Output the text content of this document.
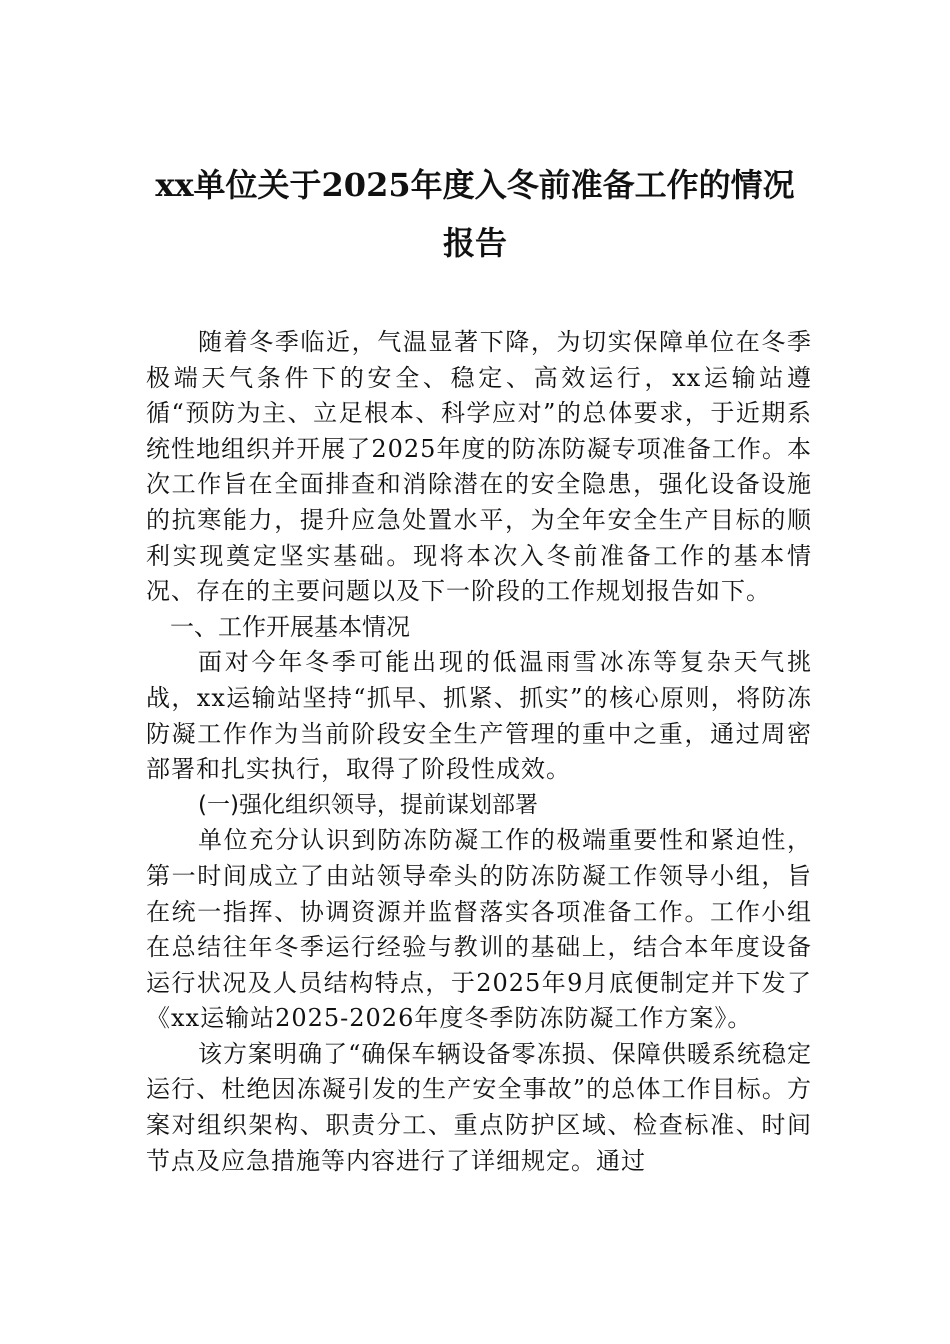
xx单位关于2025年度入冬前准备工作的情况报告

随着冬季临近，气温显著下降，为切实保障单位在冬季极端天气条件下的安全、稳定、高效运行，xx运输站遵循“预防为主、立足根本、科学应对”的总体要求，于近期系统性地组织并开展了2025年度的防冻防凝专项准备工作。本次工作旨在全面排查和消除潜在的安全隐患，强化设备设施的抗寒能力，提升应急处置水平，为全年安全生产目标的顺利实现奠定坚实基础。现将本次入冬前准备工作的基本情况、存在的主要问题以及下一阶段的工作规划报告如下。

一、工作开展基本情况

面对今年冬季可能出现的低温雨雪冰冻等复杂天气挑战，xx运输站坚持“抓早、抓紧、抓实”的核心原则，将防冻防凝工作作为当前阶段安全生产管理的重中之重，通过周密部署和扎实执行，取得了阶段性成效。

(一)强化组织领导，提前谋划部署

单位充分认识到防冻防凝工作的极端重要性和紧迫性，第一时间成立了由站领导牵头的防冻防凝工作领导小组，旨在统一指挥、协调资源并监督落实各项准备工作。工作小组在总结往年冬季运行经验与教训的基础上，结合本年度设备运行状况及人员结构特点，于2025年9月底便制定并下发了《xx运输站2025-2026年度冬季防冻防凝工作方案》。

该方案明确了“确保车辆设备零冻损、保障供暖系统稳定运行、杜绝因冻凝引发的生产安全事故”的总体工作目标。方案对组织架构、职责分工、重点防护区域、检查标准、时间节点及应急措施等内容进行了详细规定。通过
